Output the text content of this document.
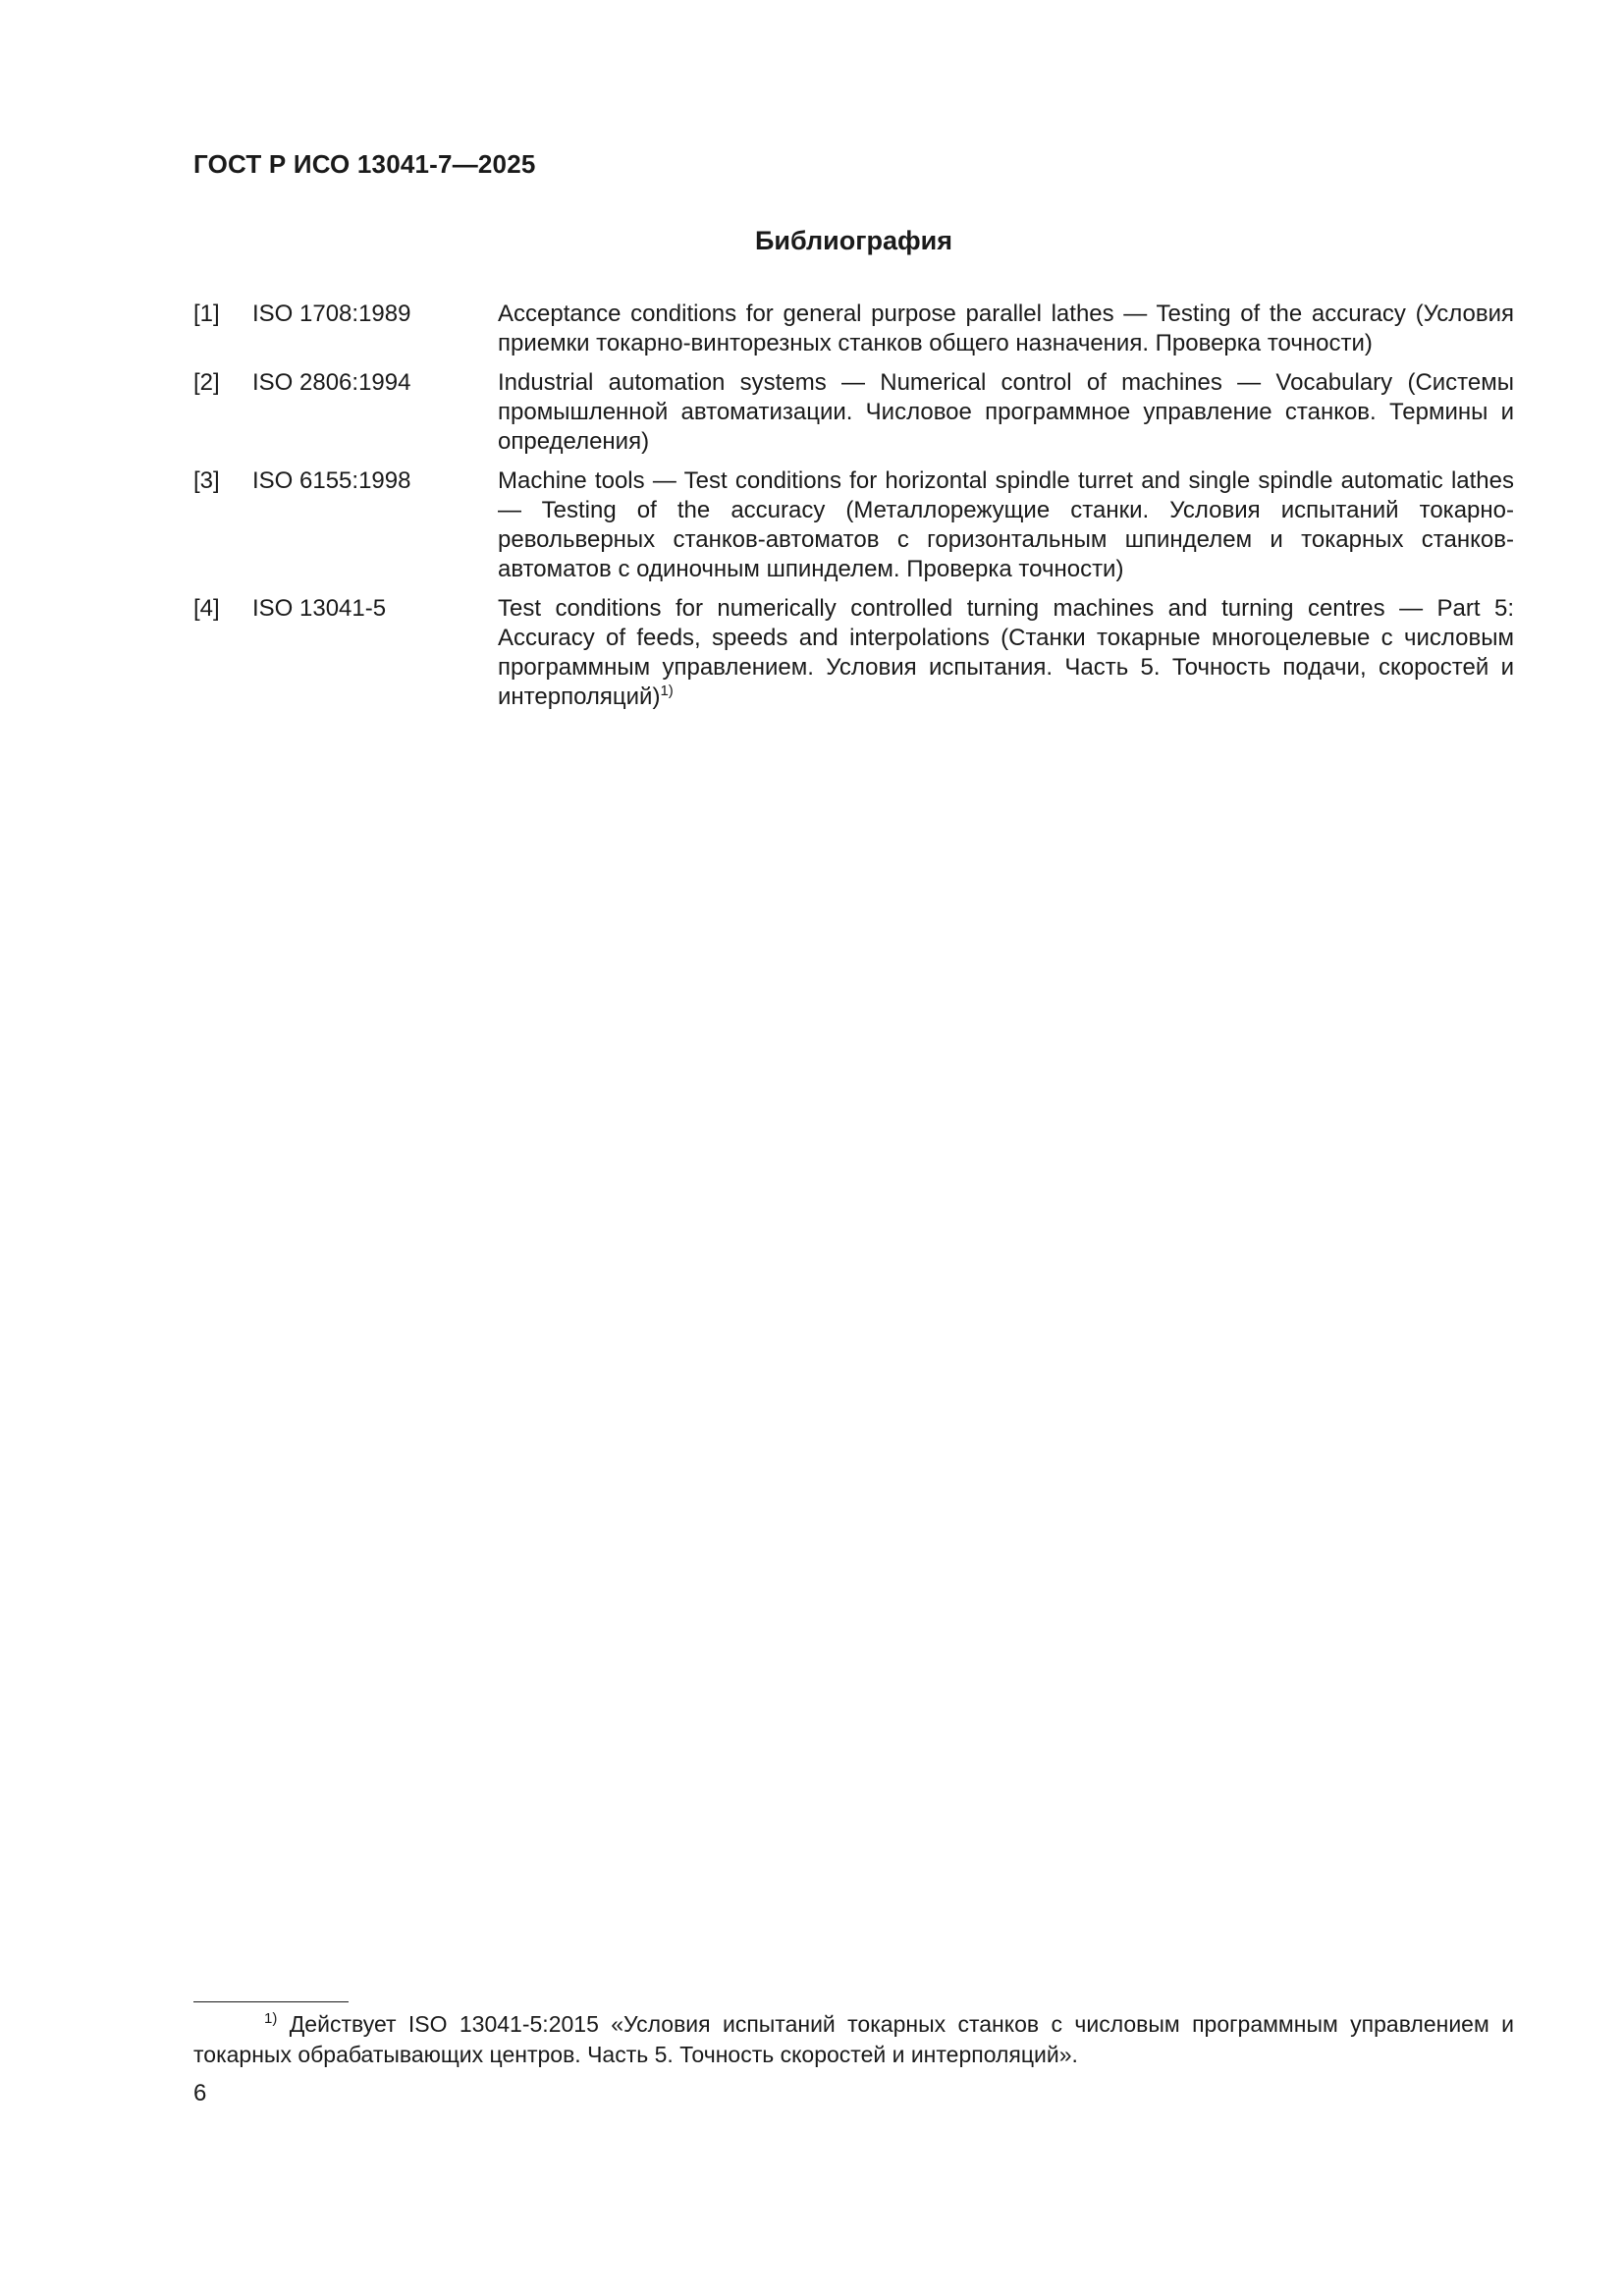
ГОСТ Р ИСО 13041-7—2025
Библиография
[1]	ISO 1708:1989	Acceptance conditions for general purpose parallel lathes — Testing of the accuracy (Условия приемки токарно-винторезных станков общего назначения. Проверка точности)
[2]	ISO 2806:1994	Industrial automation systems — Numerical control of machines — Vocabulary (Системы промышленной автоматизации. Числовое программное управление станков. Термины и определения)
[3]	ISO 6155:1998	Machine tools — Test conditions for horizontal spindle turret and single spindle automatic lathes — Testing of the accuracy (Металлорежущие станки. Условия испытаний токарно-револьверных станков-автоматов с горизонтальным шпинделем и токарных станков-автоматов с одиночным шпинделем. Проверка точности)
[4]	ISO 13041-5	Test conditions for numerically controlled turning machines and turning centres — Part 5: Accuracy of feeds, speeds and interpolations (Станки токарные многоцелевые с числовым программным управлением. Условия испытания. Часть 5. Точность подачи, скоростей и интерполяций)$^{1)}$
$^{1)}$ Действует ISO 13041-5:2015 «Условия испытаний токарных станков с числовым программным управлением и токарных обрабатывающих центров. Часть 5. Точность скоростей и интерполяций».
6
